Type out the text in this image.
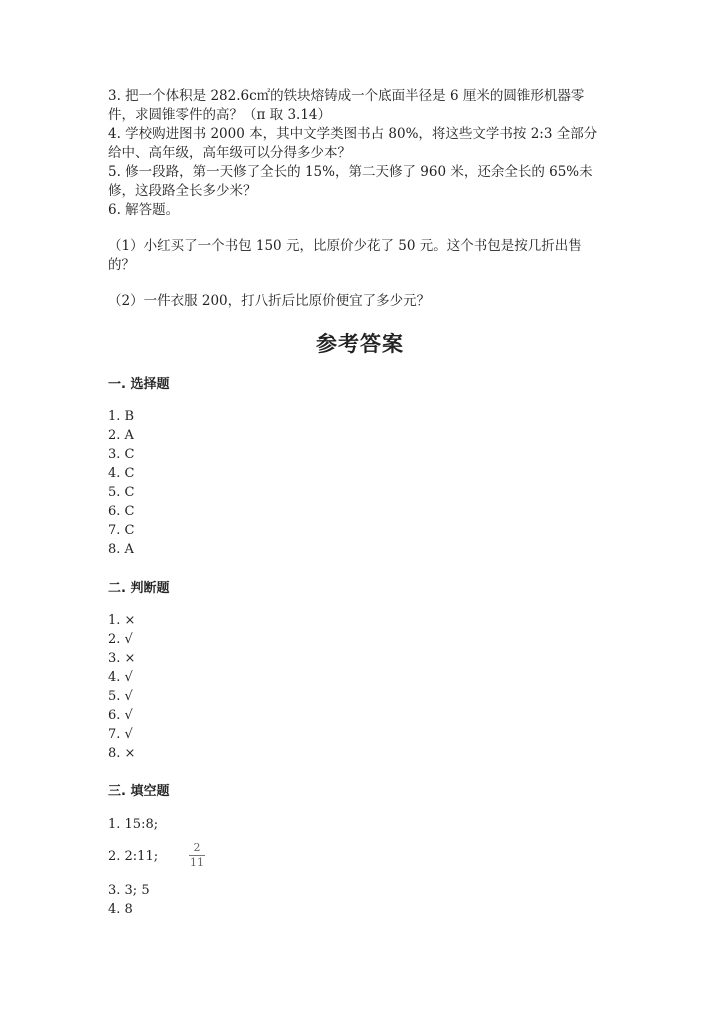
3. 把一个体积是 282.6c㎡的铁块熔铸成一个底面半径是 6 厘米的圆锥形机器零
件，求圆锥零件的高？（π 取 3.14）
4. 学校购进图书 2000 本，其中文学类图书占 80%，将这些文学书按 2:3 全部分
给中、高年级，高年级可以分得多少本？
5. 修一段路，第一天修了全长的 15%，第二天修了 960 米，还余全长的 65%未
修，这段路全长多少米？
6. 解答题。
（1）小红买了一个书包 150 元，比原价少花了 50 元。这个书包是按几折出售
的？
（2）一件衣服 200，打八折后比原价便宜了多少元？
参考答案
一. 选择题
1. B
2. A
3. C
4. C
5. C
6. C
7. C
8. A
二. 判断题
1. ×
2. √
3. ×
4. √
5. √
6. √
7. √
8. ×
三. 填空题
1. 15:8;
2. 2:11;
2
11
3. 3; 5
4. 8
